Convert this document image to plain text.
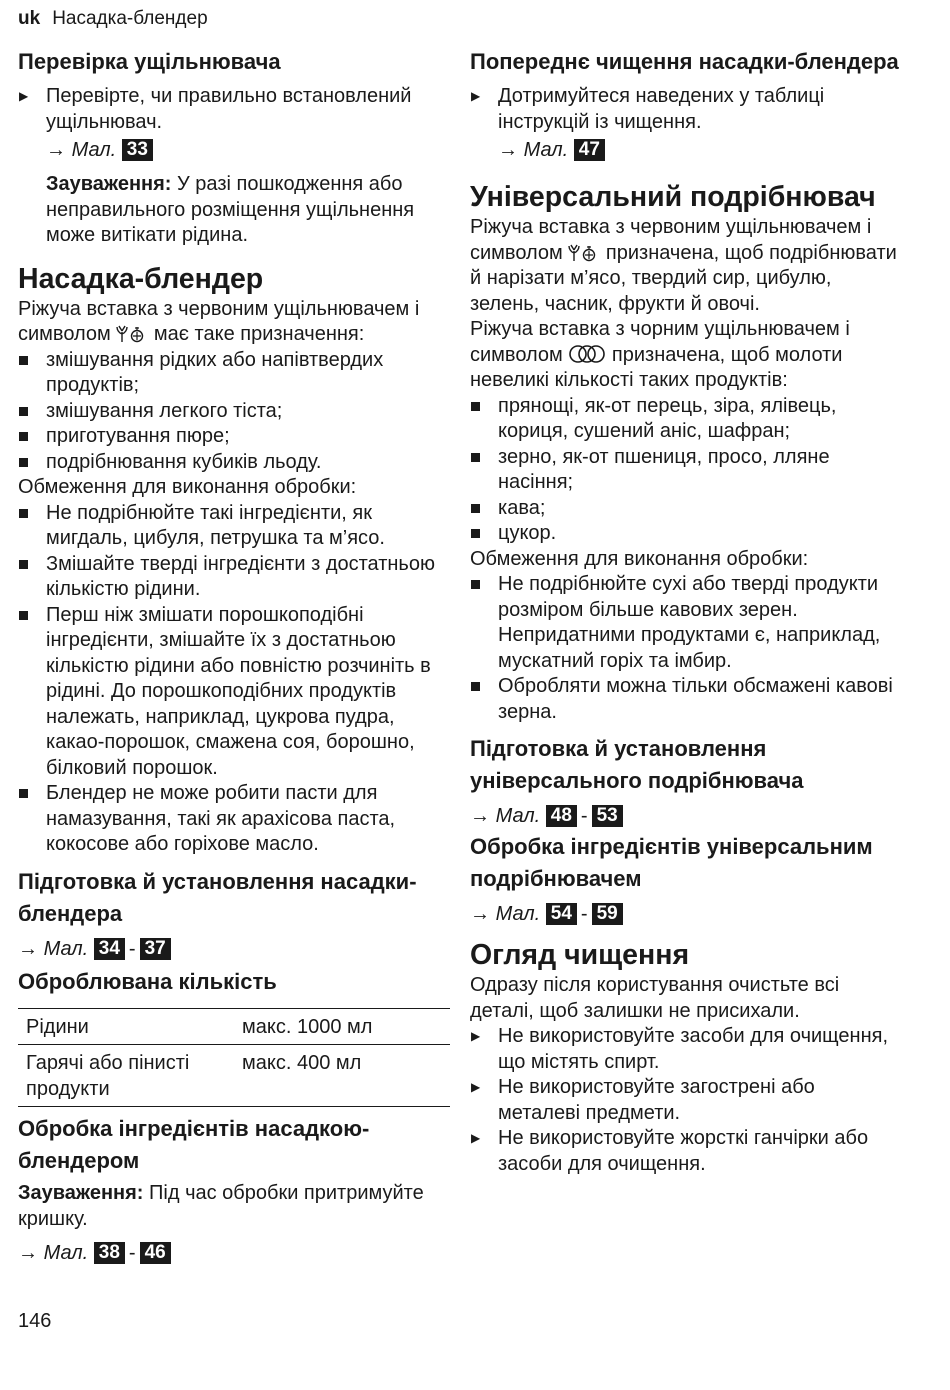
uk Насадка-блендер
Перевірка ущільнювача
▶ Перевірте, чи правильно встановлений ущільнювач.
→ Мал. 33

Зауваження: У разі пошкодження або неправильного розміщення ущільнення може витікати рідина.

Насадка-блендер

Ріжуча вставка з червоним ущільнювачем і символом має таке призначення:

змішування рідких або напівтвердих продуктів;
змішування легкого тіста;
приготування пюре;
подрібнювання кубиків льоду.

Обмеження для виконання обробки:

Не подрібнюйте такі інгредієнти, як мигдаль, цибуля, петрушка та м’ясо.
Змішайте тверді інгредієнти з достатньою кількістю рідини.
Перш ніж змішати порошкоподібні інгредієнти, змішайте їх з достатньою кількістю рідини або повністю розчиніть в рідині. До порошкоподібних продуктів належать, наприклад, цукрова пудра, какао-порошок, смажена соя, борошно, білковий порошок.
Блендер не може робити пасти для намазування, такі як арахісова паста, кокосове або горіхове масло.
Підготовка й установлення насадки-блендера
→ Мал. 34 - 37
Оброблювана кількість
Рідини	макс. 1000 мл
Гарячі або пінисті продукти	макс. 400 мл
Обробка інгредієнтів насадкою-блендером

Зауваження: Під час обробки притримуйте кришку.

→ Мал. 38 - 46
Попереднє чищення насадки-блендера
▶ Дотримуйтеся наведених у таблиці інструкцій із чищення.
→ Мал. 47
Універсальний подрібнювач

Ріжуча вставка з червоним ущільнювачем і символом призначена, щоб подрібнювати й нарізати м’ясо, твердий сир, цибулю, зелень, часник, фрукти й овочі.

Ріжуча вставка з чорним ущільнювачем і символом призначена, щоб молоти невеликі кількості таких продуктів:

прянощі, як-от перець, зіра, ялівець, кориця, сушений аніс, шафран;
зерно, як-от пшениця, просо, лляне насіння;
кава;
цукор.

Обмеження для виконання обробки:

Не подрібнюйте сухі або тверді продукти розміром більше кавових зерен. Непридатними продуктами є, наприклад, мускатний горіх та імбир.
Обробляти можна тільки обсмажені кавові зерна.
Підготовка й установлення універсального подрібнювача
→ Мал. 48 - 53
Обробка інгредієнтів універсальним подрібнювачем
→ Мал. 54 - 59
Огляд чищення

Одразу після користування очистьте всі деталі, щоб залишки не присихали.

▶ Не використовуйте засоби для очищення, що містять спирт.
▶ Не використовуйте загострені або металеві предмети.
▶ Не використовуйте жорсткі ганчірки або засоби для очищення.
146
